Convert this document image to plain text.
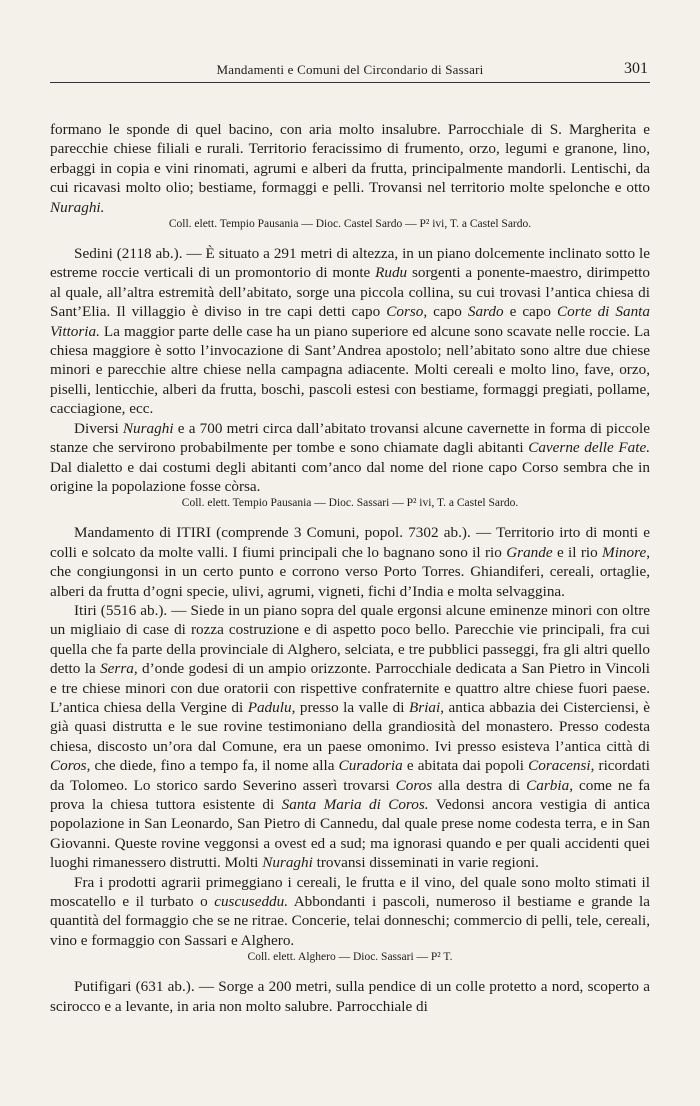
Mandamenti e Comuni del Circondario di Sassari	301

formano le sponde di quel bacino, con aria molto insalubre. Parrocchiale di S. Margherita e parecchie chiese filiali e rurali. Territorio feracissimo di frumento, orzo, legumi e granone, lino, erbaggi in copia e vini rinomati, agrumi e alberi da frutta, principalmente mandorli. Lentischi, da cui ricavasi molto olio; bestiame, formaggi e pelli. Trovansi nel territorio molte spelonche e otto Nuraghi.

Coll. elett. Tempio Pausania — Dioc. Castel Sardo — P² ivi, T. a Castel Sardo.

Sedini (2118 ab.). — È situato a 291 metri di altezza, in un piano dolcemente inclinato sotto le estreme roccie verticali di un promontorio di monte Rudu sorgenti a ponente-maestro, dirimpetto al quale, all’altra estremità dell’abitato, sorge una piccola collina, su cui trovasi l’antica chiesa di Sant’Elia. Il villaggio è diviso in tre capi detti capo Corso, capo Sardo e capo Corte di Santa Vittoria. La maggior parte delle case ha un piano superiore ed alcune sono scavate nelle roccie. La chiesa maggiore è sotto l’invocazione di Sant’Andrea apostolo; nell’abitato sono altre due chiese minori e parecchie altre chiese nella campagna adiacente. Molti cereali e molto lino, fave, orzo, piselli, lenticchie, alberi da frutta, boschi, pascoli estesi con bestiame, formaggi pregiati, pollame, cacciagione, ecc.

Diversi Nuraghi e a 700 metri circa dall’abitato trovansi alcune cavernette in forma di piccole stanze che servirono probabilmente per tombe e sono chiamate dagli abitanti Caverne delle Fate. Dal dialetto e dai costumi degli abitanti com’anco dal nome del rione capo Corso sembra che in origine la popolazione fosse còrsa.

Coll. elett. Tempio Pausania — Dioc. Sassari — P² ivi, T. a Castel Sardo.

Mandamento di ITIRI (comprende 3 Comuni, popol. 7302 ab.). — Territorio irto di monti e colli e solcato da molte valli. I fiumi principali che lo bagnano sono il rio Grande e il rio Minore, che congiungonsi in un certo punto e corrono verso Porto Torres. Ghiandiferi, cereali, ortaglie, alberi da frutta d’ogni specie, ulivi, agrumi, vigneti, fichi d’India e molta selvaggina.

Itiri (5516 ab.). — Siede in un piano sopra del quale ergonsi alcune eminenze minori con oltre un migliaio di case di rozza costruzione e di aspetto poco bello. Parecchie vie principali, fra cui quella che fa parte della provinciale di Alghero, selciata, e tre pubblici passeggi, fra gli altri quello detto la Serra, d’onde godesi di un ampio orizzonte. Parrocchiale dedicata a San Pietro in Vincoli e tre chiese minori con due oratorii con rispettive confraternite e quattro altre chiese fuori paese. L’antica chiesa della Vergine di Padulu, presso la valle di Briai, antica abbazia dei Cisterciensi, è già quasi distrutta e le sue rovine testimoniano della grandiosità del monastero. Presso codesta chiesa, discosto un’ora dal Comune, era un paese omonimo. Ivi presso esisteva l’antica città di Coros, che diede, fino a tempo fa, il nome alla Curadoria e abitata dai popoli Coracensi, ricordati da Tolomeo. Lo storico sardo Severino asserì trovarsi Coros alla destra di Carbia, come ne fa prova la chiesa tuttora esistente di Santa Maria di Coros. Vedonsi ancora vestigia di antica popolazione in San Leonardo, San Pietro di Cannedu, dal quale prese nome codesta terra, e in San Giovanni. Queste rovine veggonsi a ovest ed a sud; ma ignorasi quando e per quali accidenti quei luoghi rimanessero distrutti. Molti Nuraghi trovansi disseminati in varie regioni.

Fra i prodotti agrarii primeggiano i cereali, le frutta e il vino, del quale sono molto stimati il moscatello e il turbato o cuscuseddu. Abbondanti i pascoli, numeroso il bestiame e grande la quantità del formaggio che se ne ritrae. Concerie, telai donneschi; commercio di pelli, tele, cereali, vino e formaggio con Sassari e Alghero.

Coll. elett. Alghero — Dioc. Sassari — P² T.

Putifigari (631 ab.). — Sorge a 200 metri, sulla pendice di un colle protetto a nord, scoperto a scirocco e a levante, in aria non molto salubre. Parrocchiale di
